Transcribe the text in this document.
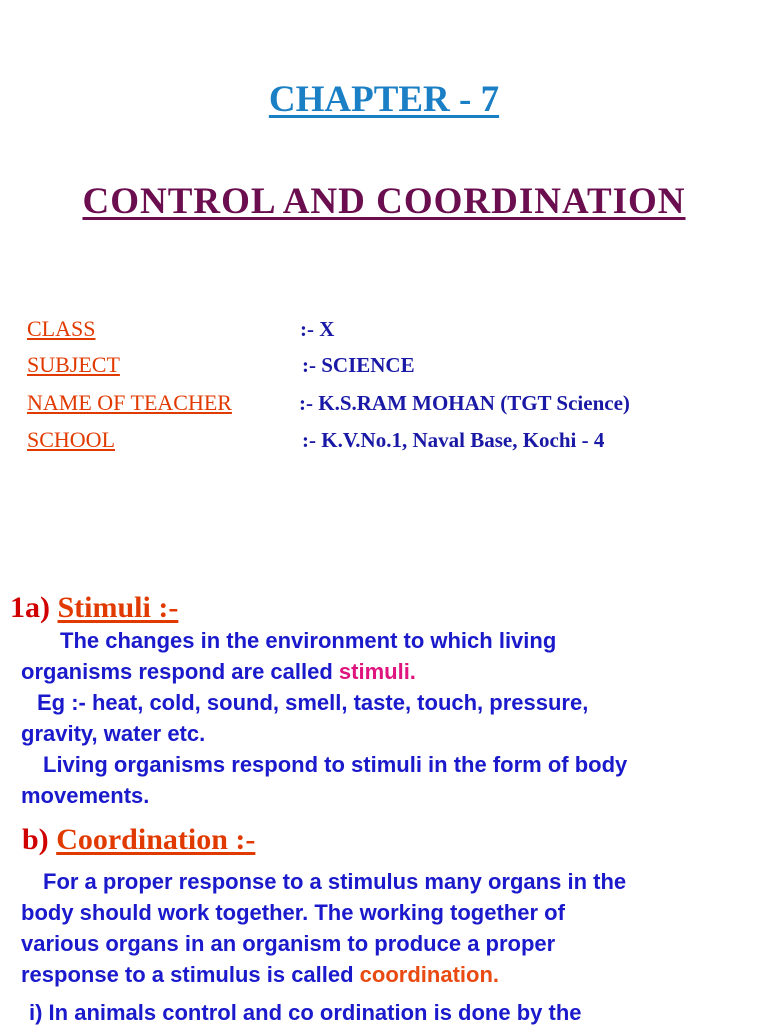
CHAPTER - 7
CONTROL AND COORDINATION
CLASS	:- X
SUBJECT	:- SCIENCE
NAME OF TEACHER	:- K.S.RAM MOHAN (TGT Science)
SCHOOL	:- K.V.No.1, Naval Base, Kochi - 4
1a) Stimuli :-

The changes in the environment to which living

organisms respond are called stimuli.

Eg :- heat, cold, sound, smell, taste, touch, pressure,

gravity, water etc.

Living organisms respond to stimuli in the form of body

movements.

b) Coordination :-

For a proper response to a stimulus many organs in the

body should work together. The working together of

various organs in an organism to produce a proper

response to a stimulus is called coordination.

i) In animals control and co ordination is done by the
